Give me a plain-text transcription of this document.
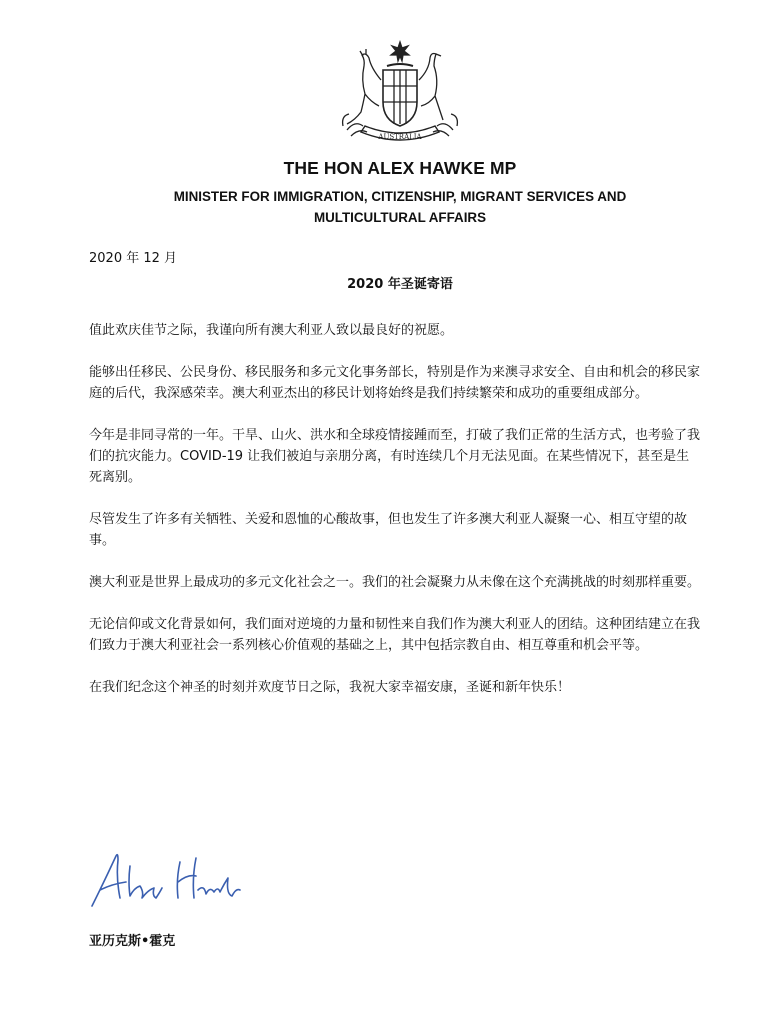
AUSTRALIA
THE HON ALEX HAWKE MP
MINISTER FOR IMMIGRATION, CITIZENSHIP, MIGRANT SERVICES AND
MULTICULTURAL AFFAIRS
2020 年 12 月
2020 年圣诞寄语

值此欢庆佳节之际，我谨向所有澳大利亚人致以最良好的祝愿。

能够出任移民、公民身份、移民服务和多元文化事务部长，特别是作为来澳寻求安全、自由和机会的移民家庭的后代，我深感荣幸。澳大利亚杰出的移民计划将始终是我们持续繁荣和成功的重要组成部分。

今年是非同寻常的一年。干旱、山火、洪水和全球疫情接踵而至，打破了我们正常的生活方式，也考验了我们的抗灾能力。COVID-19 让我们被迫与亲朋分离，有时连续几个月无法见面。在某些情况下，甚至是生死离别。

尽管发生了许多有关牺牲、关爱和恩恤的心酸故事，但也发生了许多澳大利亚人凝聚一心、相互守望的故事。

澳大利亚是世界上最成功的多元文化社会之一。我们的社会凝聚力从未像在这个充满挑战的时刻那样重要。

无论信仰或文化背景如何，我们面对逆境的力量和韧性来自我们作为澳大利亚人的团结。这种团结建立在我们致力于澳大利亚社会一系列核心价值观的基础之上，其中包括宗教自由、相互尊重和机会平等。

在我们纪念这个神圣的时刻并欢度节日之际，我祝大家幸福安康，圣诞和新年快乐！

亚历克斯•霍克
